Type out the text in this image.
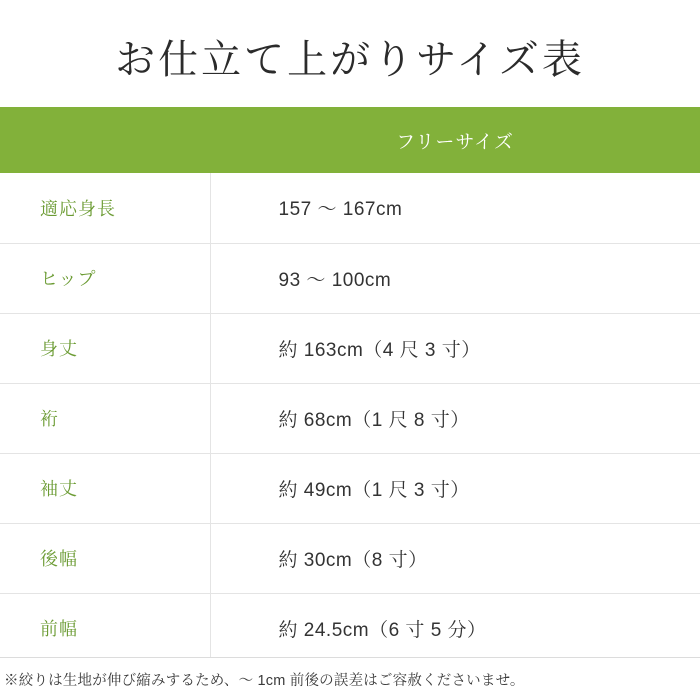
お仕立て上がりサイズ表
	フリーサイズ
適応身長	157 〜 167cm
ヒップ	93 〜 100cm
身丈	約 163cm（4 尺 3 寸）
裄	約 68cm（1 尺 8 寸）
袖丈	約 49cm（1 尺 3 寸）
後幅	約 30cm（8 寸）
前幅	約 24.5cm（6 寸 5 分）
※絞りは生地が伸び縮みするため、〜 1cm 前後の誤差はご容赦くださいませ。
